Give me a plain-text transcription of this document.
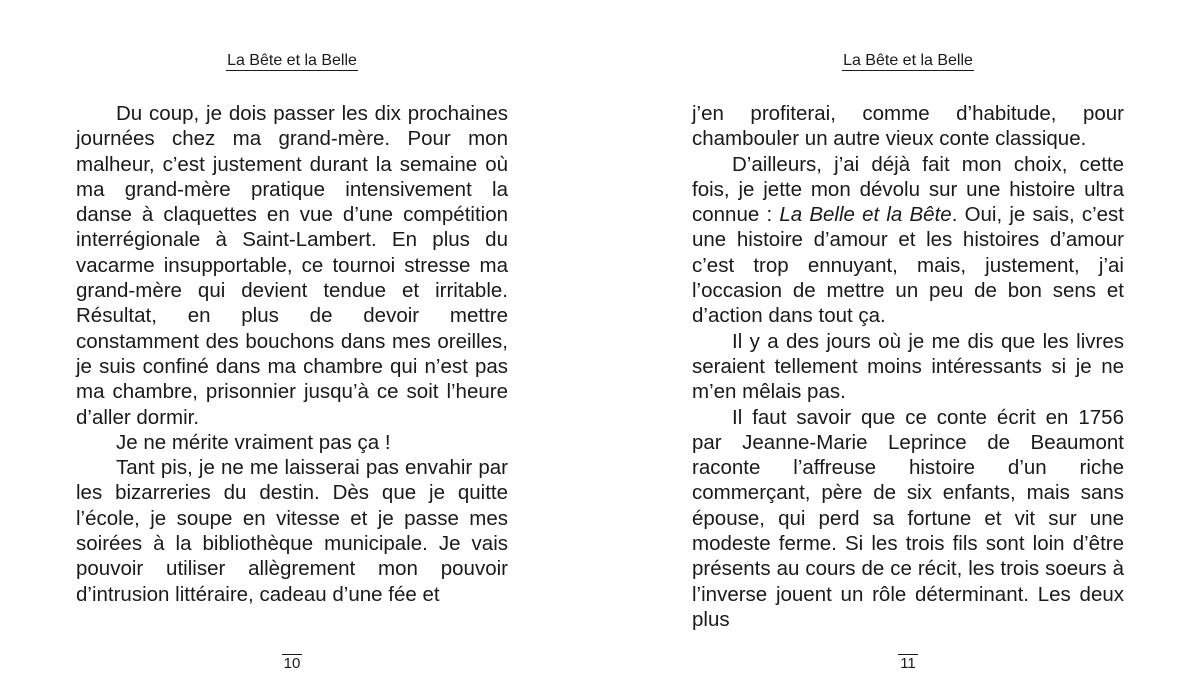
La Bête et la Belle

Du coup, je dois passer les dix prochaines journées chez ma grand-mère. Pour mon malheur, c’est justement durant la semaine où ma grand-mère pratique intensivement la danse à claquettes en vue d’une compétition interrégionale à Saint-Lambert. En plus du vacarme insupportable, ce tournoi stresse ma grand-mère qui devient tendue et irritable. Résultat, en plus de devoir mettre constamment des bouchons dans mes oreilles, je suis confiné dans ma chambre qui n’est pas ma chambre, prisonnier jusqu’à ce soit l’heure d’aller dormir.

Je ne mérite vraiment pas ça !

Tant pis, je ne me laisserai pas envahir par les bizarreries du destin. Dès que je quitte l’école, je soupe en vitesse et je passe mes soirées à la bibliothèque municipale. Je vais pouvoir utiliser allègrement mon pouvoir d’intrusion littéraire, cadeau d’une fée et

10
La Bête et la Belle

j’en profiterai, comme d’habitude, pour chambouler un autre vieux conte classique.

D’ailleurs, j’ai déjà fait mon choix, cette fois, je jette mon dévolu sur une histoire ultra connue : La Belle et la Bête. Oui, je sais, c’est une histoire d’amour et les histoires d’amour c’est trop ennuyant, mais, justement, j’ai l’occasion de mettre un peu de bon sens et d’action dans tout ça.

Il y a des jours où je me dis que les livres seraient tellement moins intéressants si je ne m’en mêlais pas.

Il faut savoir que ce conte écrit en 1756 par Jeanne-Marie Leprince de Beaumont raconte l’affreuse histoire d’un riche commerçant, père de six enfants, mais sans épouse, qui perd sa fortune et vit sur une modeste ferme. Si les trois fils sont loin d’être présents au cours de ce récit, les trois soeurs à l’inverse jouent un rôle déterminant. Les deux plus

11
